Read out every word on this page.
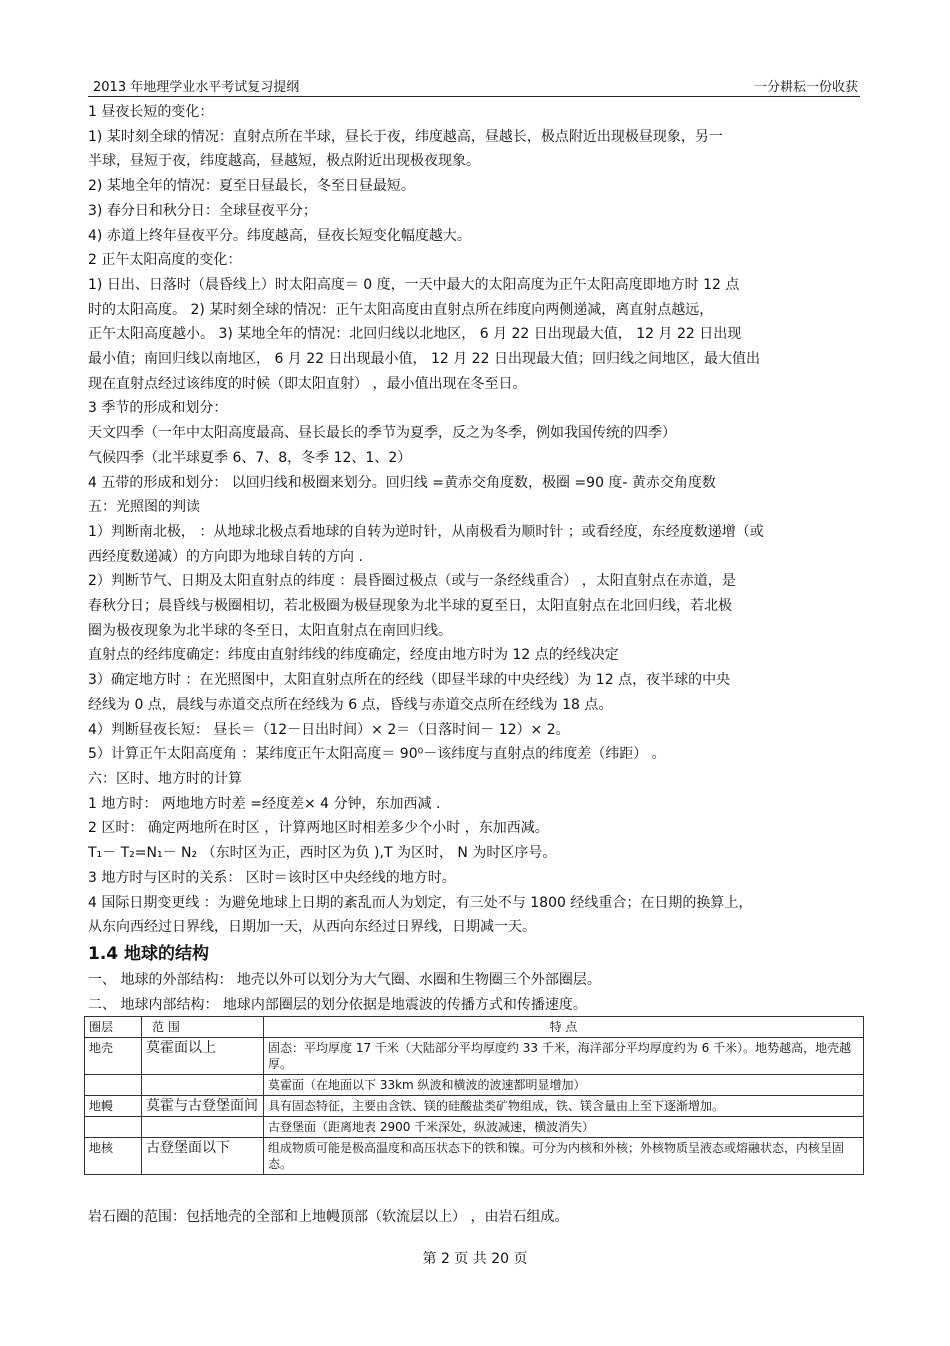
2013 年地理学业水平考试复习提纲	一分耕耘一份收获

1 昼夜长短的变化：

1) 某时刻全球的情况：直射点所在半球，昼长于夜，纬度越高，昼越长，极点附近出现极昼现象，另一

半球，昼短于夜，纬度越高，昼越短，极点附近出现极夜现象。

2) 某地全年的情况：夏至日昼最长，冬至日昼最短。

3) 春分日和秋分日：全球昼夜平分；

4) 赤道上终年昼夜平分。纬度越高，昼夜长短变化幅度越大。

2 正午太阳高度的变化：

1) 日出、日落时（晨昏线上）时太阳高度＝ 0 度，一天中最大的太阳高度为正午太阳高度即地方时 12 点

时的太阳高度。 2) 某时刻全球的情况：正午太阳高度由直射点所在纬度向两侧递减，离直射点越远，

正午太阳高度越小。 3) 某地全年的情况：北回归线以北地区， 6 月 22 日出现最大值， 12 月 22 日出现

最小值；南回归线以南地区， 6 月 22 日出现最小值， 12 月 22 日出现最大值；回归线之间地区，最大值出

现在直射点经过该纬度的时候（即太阳直射） ，最小值出现在冬至日。

3 季节的形成和划分：

天文四季（一年中太阳高度最高、昼长最长的季节为夏季，反之为冬季，例如我国传统的四季）

气候四季（北半球夏季 6、7、8，冬季 12、1、2）

4 五带的形成和划分： 以回归线和极圈来划分。回归线 =黄赤交角度数，极圈 =90 度- 黄赤交角度数

五：光照图的判读

1）判断南北极， ：从地球北极点看地球的自转为逆时针，从南极看为顺时针 ；或看经度，东经度数递增（或

西经度数递减）的方向即为地球自转的方向 .

2）判断节气、日期及太阳直射点的纬度 ：晨昏圈过极点（或与一条经线重合） ，太阳直射点在赤道，是

春秋分日；晨昏线与极圈相切，若北极圈为极昼现象为北半球的夏至日，太阳直射点在北回归线，若北极

圈为极夜现象为北半球的冬至日，太阳直射点在南回归线。

直射点的经纬度确定：纬度由直射纬线的纬度确定，经度由地方时为 12 点的经线决定

3）确定地方时 ：在光照图中，太阳直射点所在的经线（即昼半球的中央经线）为 12 点，夜半球的中央

经线为 0 点，晨线与赤道交点所在经线为 6 点，昏线与赤道交点所在经线为 18 点。

4）判断昼夜长短： 昼长＝（12－日出时间）× 2＝（日落时间－ 12）× 2。

5）计算正午太阳高度角 ：某纬度正午太阳高度＝ 90⁰－该纬度与直射点的纬度差（纬距） 。

六：区时、地方时的计算

1 地方时： 两地地方时差 =经度差× 4 分钟，东加西减 .

2 区时： 确定两地所在时区 ，计算两地区时相差多少个小时 ，东加西减。

T₁－ T₂=N₁－ N₂ （东时区为正，西时区为负 ),T 为区时， N 为时区序号。

3 地方时与区时的关系： 区时＝该时区中央经线的地方时。

4 国际日期变更线 ：为避免地球上日期的紊乱而人为划定，有三处不与 1800 经线重合；在日期的换算上，

从东向西经过日界线，日期加一天，从西向东经过日界线，日期减一天。

1.4 地球的结构

一、 地球的外部结构： 地壳以外可以划分为大气圈、水圈和生物圈三个外部圈层。

二、 地球内部结构： 地球内部圈层的划分依据是地震波的传播方式和传播速度。

圈层	范 围	特 点
地壳	莫霍面以上	固态：平均厚度 17 千米（大陆部分平均厚度约 33 千米，海洋部分平均厚度约为 6 千米）。地势越高，地壳越厚。
		莫霍面（在地面以下 33km 纵波和横波的波速都明显增加）
地幔	莫霍与古登堡面间	具有固态特征，主要由含铁、镁的硅酸盐类矿物组成，铁、镁含量由上至下逐渐增加。
		古登堡面（距离地表 2900 千米深处，纵波减速，横波消失）
地核	古登堡面以下	组成物质可能是极高温度和高压状态下的铁和镍。可分为内核和外核；外核物质呈液态或熔融状态，内核呈固态。
岩石圈的范围：包括地壳的全部和上地幔顶部（软流层以上） ，由岩石组成。
第 2 页 共 20 页
